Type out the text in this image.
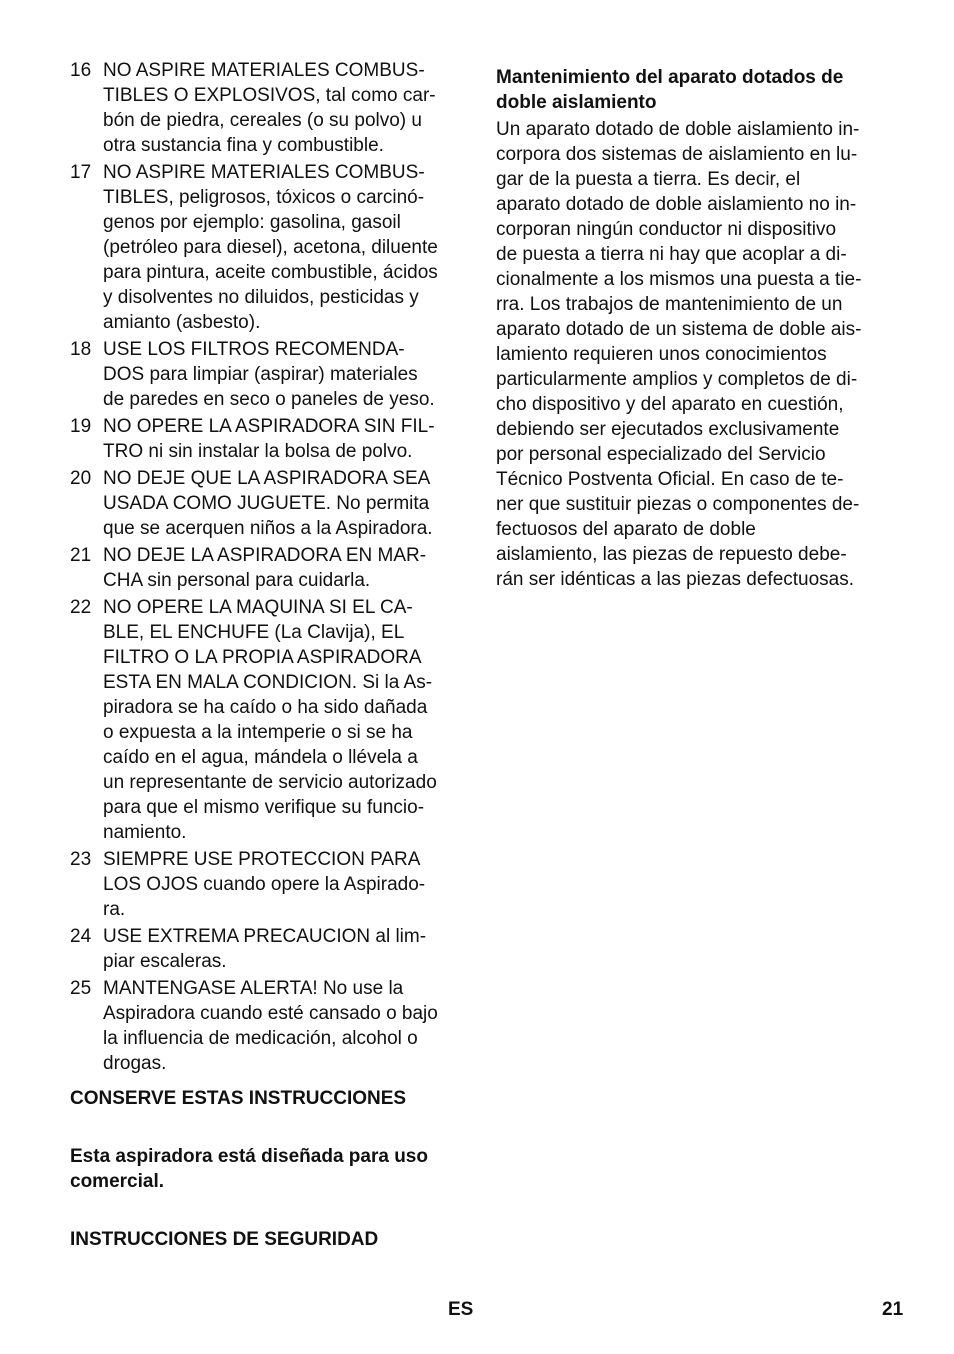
16 NO ASPIRE MATERIALES COMBUS-
TIBLES O EXPLOSIVOS, tal como car-
bón de piedra, cereales (o su polvo) u
otra sustancia fina y combustible.
17 NO ASPIRE MATERIALES COMBUS-
TIBLES, peligrosos, tóxicos o carcinó-
genos por ejemplo: gasolina, gasoil
(petróleo para diesel), acetona, diluente
para pintura, aceite combustible, ácidos
y disolventes no diluidos, pesticidas y
amianto (asbesto).
18 USE LOS FILTROS RECOMENDA-
DOS para limpiar (aspirar) materiales
de paredes en seco o paneles de yeso.
19 NO OPERE LA ASPIRADORA SIN FIL-
TRO ni sin instalar la bolsa de polvo.
20 NO DEJE QUE LA ASPIRADORA SEA
USADA COMO JUGUETE. No permita
que se acerquen niños a la Aspiradora.
21 NO DEJE LA ASPIRADORA EN MAR-
CHA sin personal para cuidarla.
22 NO OPERE LA MAQUINA SI EL CA-
BLE, EL ENCHUFE (La Clavija), EL
FILTRO O LA PROPIA ASPIRADORA
ESTA EN MALA CONDICION. Si la As-
piradora se ha caído o ha sido dañada
o expuesta a la intemperie o si se ha
caído en el agua, mándela o llévela a
un representante de servicio autorizado
para que el mismo verifique su funcio-
namiento.
23 SIEMPRE USE PROTECCION PARA
LOS OJOS cuando opere la Aspirado-
ra.
24 USE EXTREMA PRECAUCION al lim-
piar escaleras.
25 MANTENGASE ALERTA! No use la
Aspiradora cuando esté cansado o bajo
la influencia de medicación, alcohol o
drogas.
CONSERVE ESTAS INSTRUCCIONES
Esta aspiradora está diseñada para uso
comercial.
INSTRUCCIONES DE SEGURIDAD
Mantenimiento del aparato dotados de
doble aislamiento
Un aparato dotado de doble aislamiento in-
corpora dos sistemas de aislamiento en lu-
gar de la puesta a tierra. Es decir, el
aparato dotado de doble aislamiento no in-
corporan ningún conductor ni dispositivo
de puesta a tierra ni hay que acoplar a di-
cionalmente a los mismos una puesta a tie-
rra. Los trabajos de mantenimiento de un
aparato dotado de un sistema de doble ais-
lamiento requieren unos conocimientos
particularmente amplios y completos de di-
cho dispositivo y del aparato en cuestión,
debiendo ser ejecutados exclusivamente
por personal especializado del Servicio
Técnico Postventa Oficial. En caso de te-
ner que sustituir piezas o componentes de-
fectuosos del aparato de doble
aislamiento, las piezas de repuesto debe-
rán ser idénticas a las piezas defectuosas.
ES	21
